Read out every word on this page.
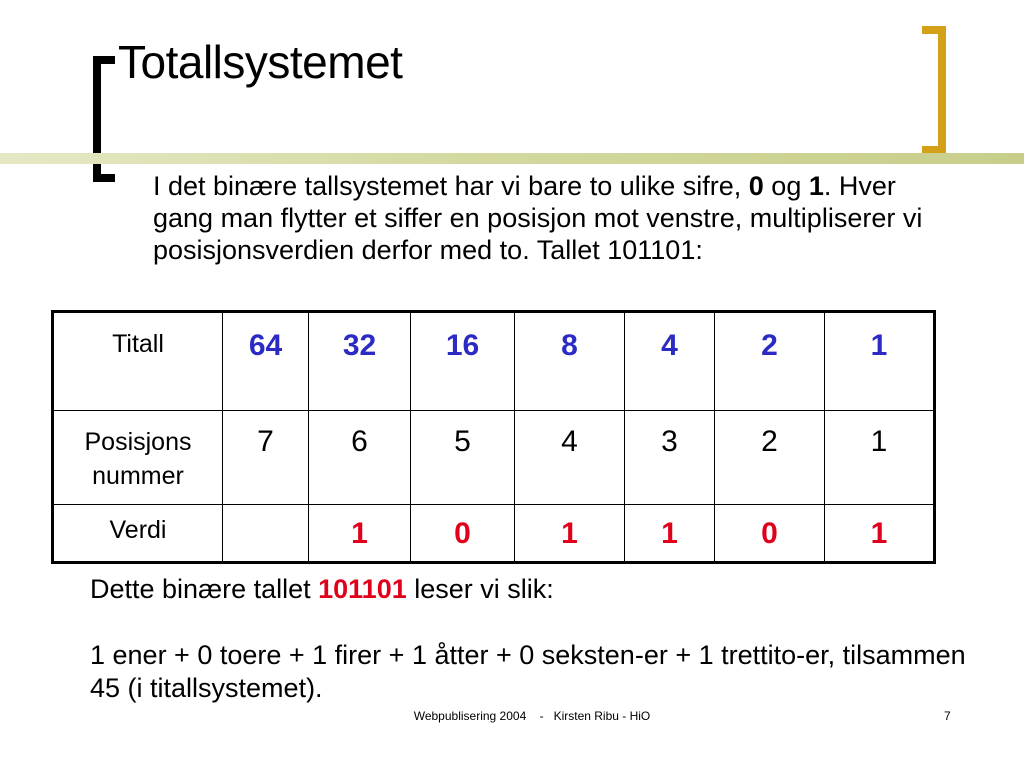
Totallsystemet

I det binære tallsystemet har vi bare to ulike sifre, 0 og 1. Hver gang man flytter et siffer en posisjon mot venstre, multipliserer vi posisjonsverdien derfor med to. Tallet 101101:

Titall	64	32	16	8	4	2	1
Posisjons
nummer	7	6	5	4	3	2	1
Verdi		1	0	1	1	0	1

Dette binære tallet 101101 leser vi slik:

1 ener + 0 toere + 1 firer + 1 åtter + 0 seksten-er + 1 trettito-er, tilsammen 45 (i titallsystemet).

Webpublisering 2004    -   Kirsten Ribu - HiO	7
